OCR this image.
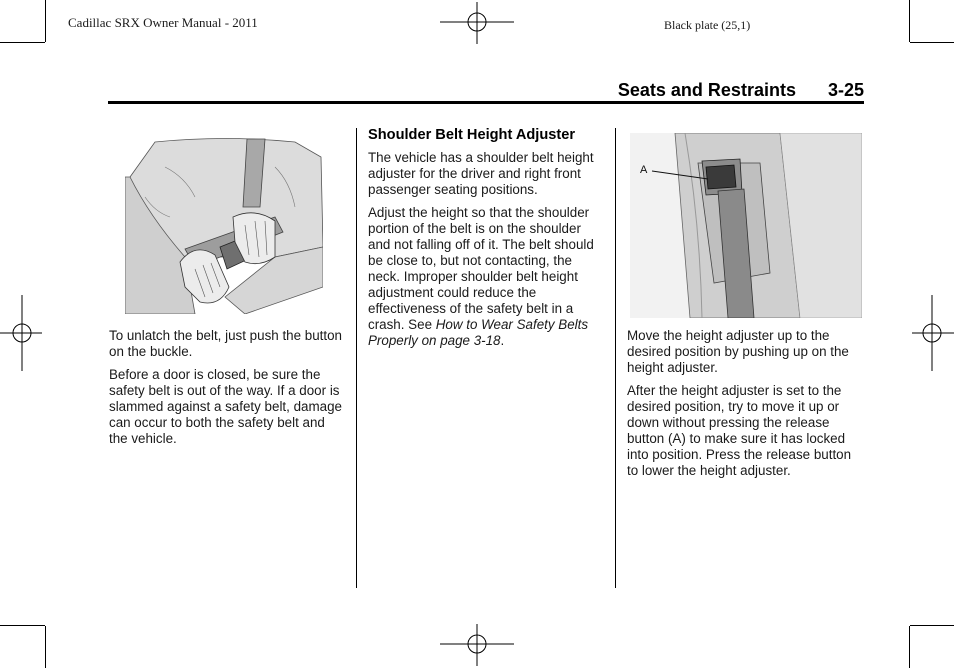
Cadillac SRX Owner Manual - 2011	Black plate (25,1)
Seats and Restraints 3-25

To unlatch the belt, just push the button on the buckle.

Before a door is closed, be sure the safety belt is out of the way. If a door is slammed against a safety belt, damage can occur to both the safety belt and the vehicle.

Shoulder Belt Height Adjuster

The vehicle has a shoulder belt height adjuster for the driver and right front passenger seating positions.

Adjust the height so that the shoulder portion of the belt is on the shoulder and not falling off of it. The belt should be close to, but not contacting, the neck. Improper shoulder belt height adjustment could reduce the effectiveness of the safety belt in a crash. See How to Wear Safety Belts Properly on page 3-18.

A

Move the height adjuster up to the desired position by pushing up on the height adjuster.

After the height adjuster is set to the desired position, try to move it up or down without pressing the release button (A) to make sure it has locked into position. Press the release button to lower the height adjuster.
